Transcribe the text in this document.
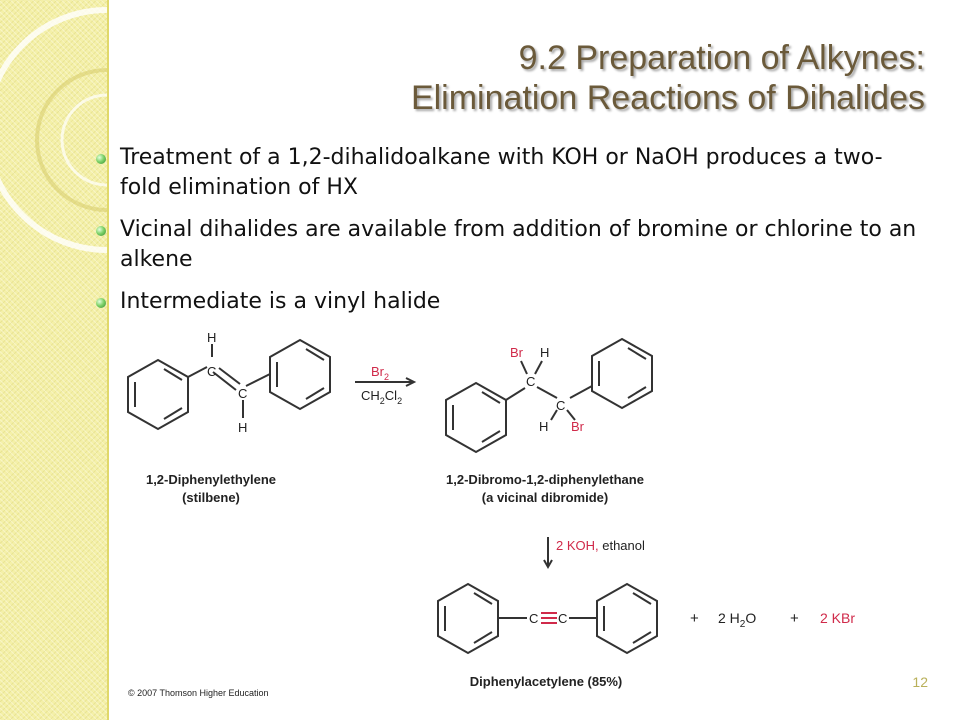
9.2 Preparation of Alkynes:
Elimination Reactions of Dihalides
Treatment of a 1,2-dihalidoalkane with KOH or NaOH produces a two-fold elimination of HX
Vicinal dihalides are available from addition of bromine or chlorine to an alkene
Intermediate is a vinyl halide
H
C
C
H
C
C
H
H
C C
Br
Br
$Br_2$
$CH_2Cl_2$
1,2-Diphenylethylene
(stilbene)
1,2-Dibromo-1,2-diphenylethane
(a vicinal dibromide)
Diphenylacetylene (85%)
2 KOH, ethanol
+ 2 $H_2O + 2$ KBr
© 2007 Thomson Higher Education
12
